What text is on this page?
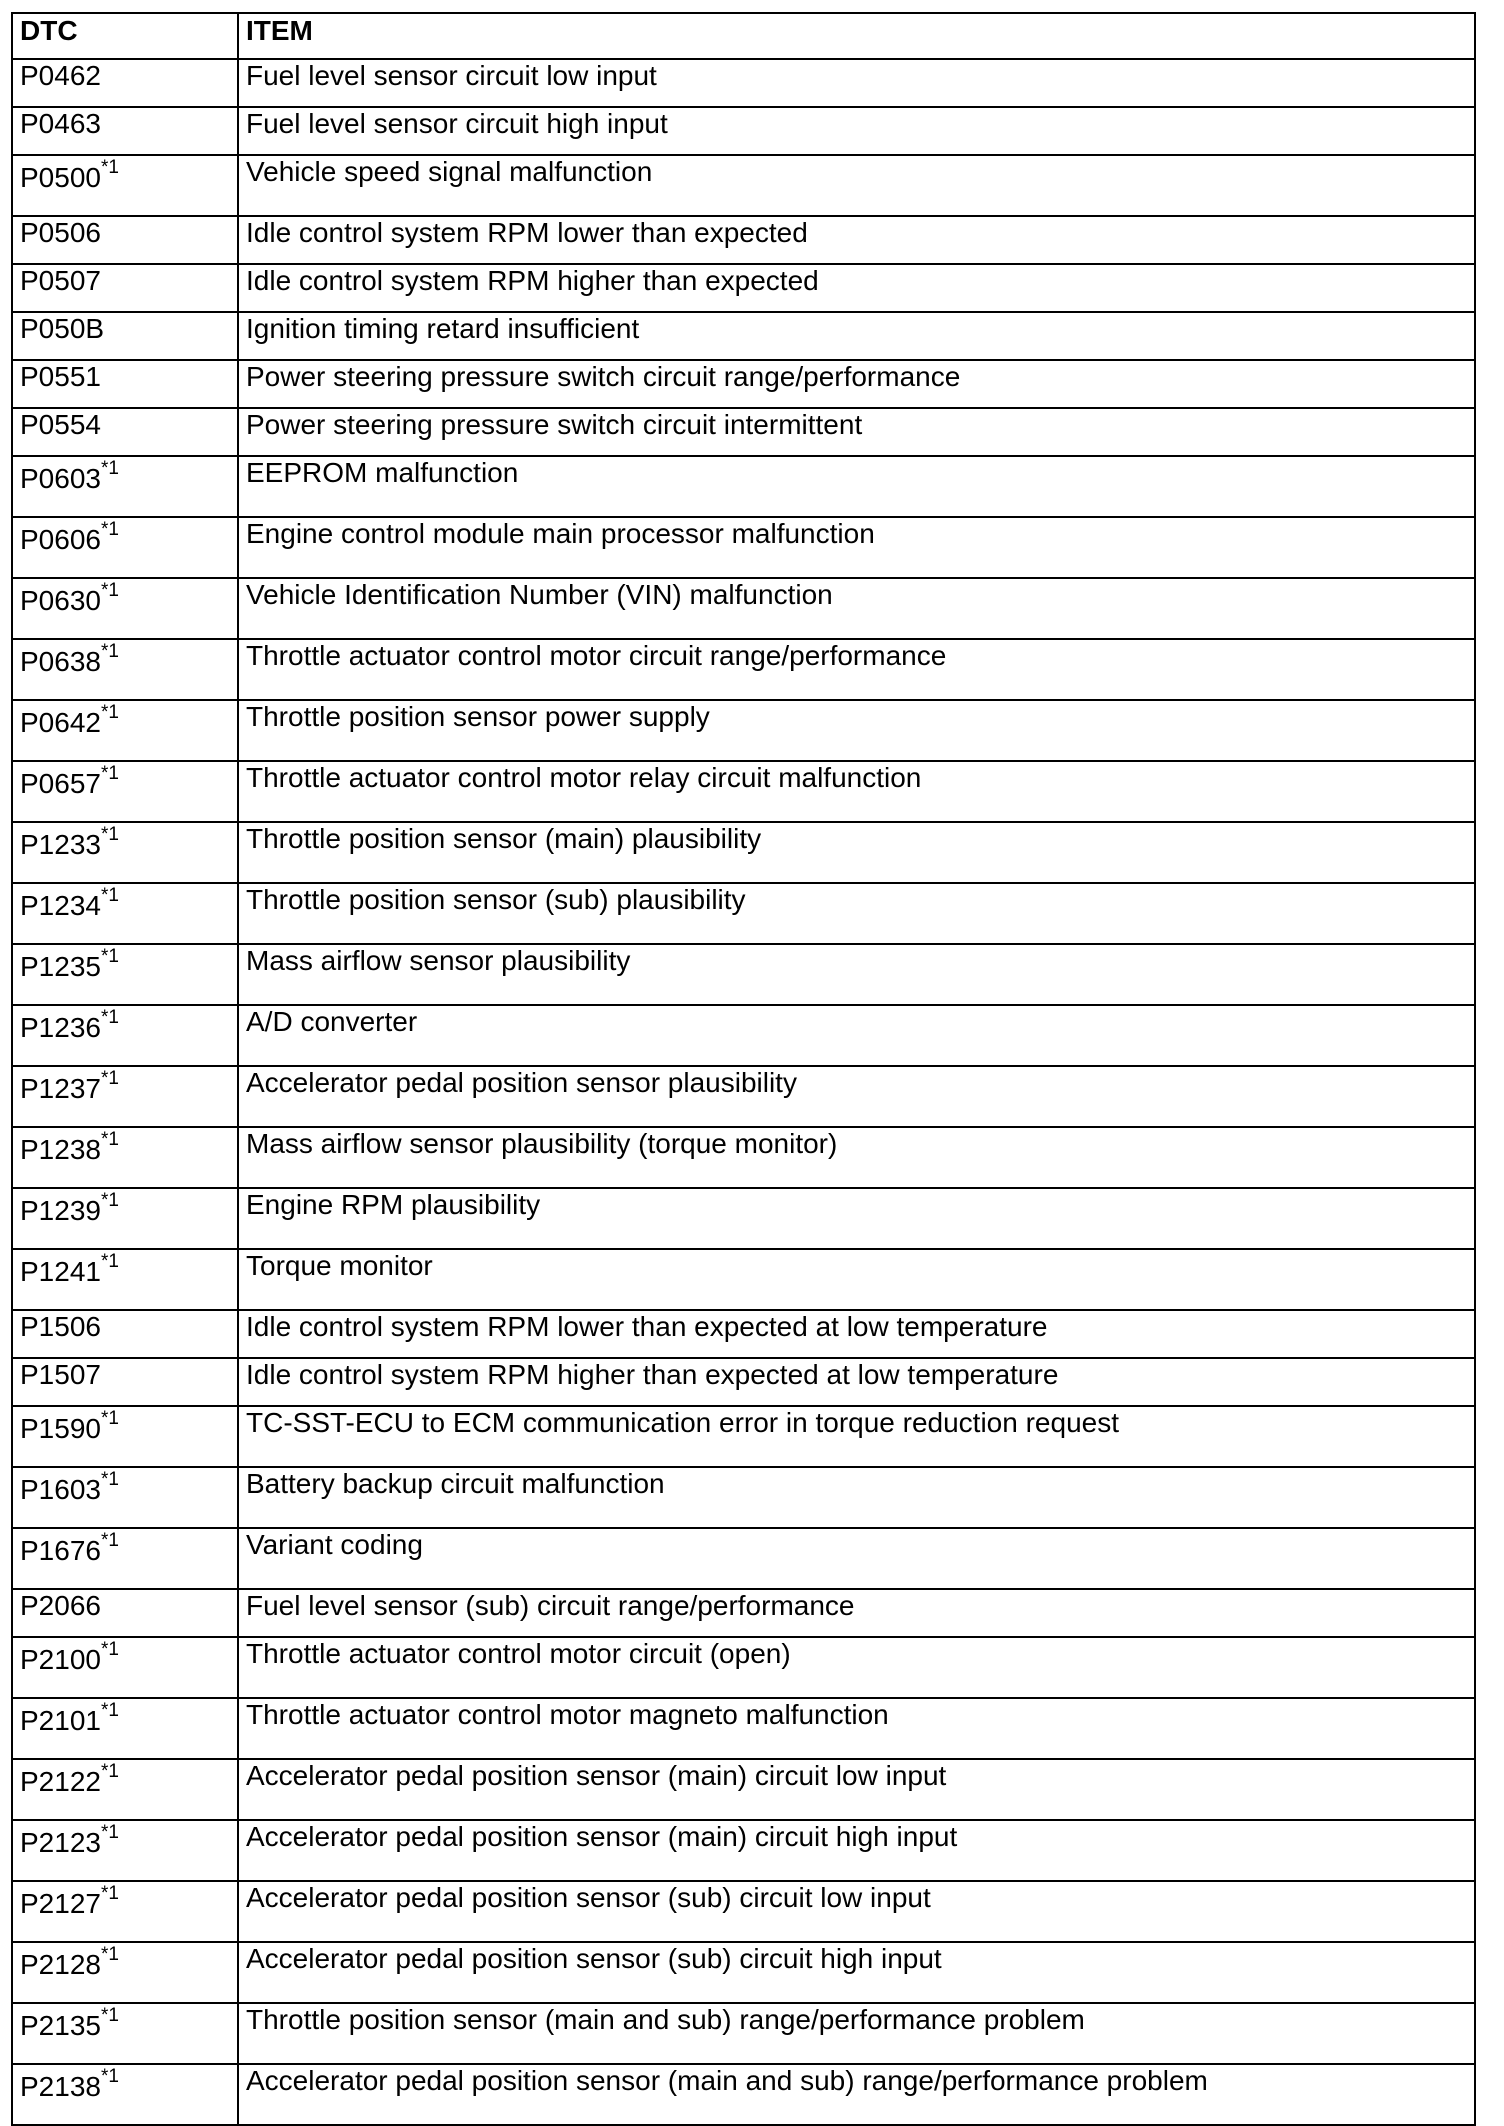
DTC	ITEM
P0462	Fuel level sensor circuit low input
P0463	Fuel level sensor circuit high input
P0500$^{*1}$	Vehicle speed signal malfunction
P0506	Idle control system RPM lower than expected
P0507	Idle control system RPM higher than expected
P050B	Ignition timing retard insufficient
P0551	Power steering pressure switch circuit range/performance
P0554	Power steering pressure switch circuit intermittent
P0603$^{*1}$	EEPROM malfunction
P0606$^{*1}$	Engine control module main processor malfunction
P0630$^{*1}$	Vehicle Identification Number (VIN) malfunction
P0638$^{*1}$	Throttle actuator control motor circuit range/performance
P0642$^{*1}$	Throttle position sensor power supply
P0657$^{*1}$	Throttle actuator control motor relay circuit malfunction
P1233$^{*1}$	Throttle position sensor (main) plausibility
P1234$^{*1}$	Throttle position sensor (sub) plausibility
P1235$^{*1}$	Mass airflow sensor plausibility
P1236$^{*1}$	A/D converter
P1237$^{*1}$	Accelerator pedal position sensor plausibility
P1238$^{*1}$	Mass airflow sensor plausibility (torque monitor)
P1239$^{*1}$	Engine RPM plausibility
P1241$^{*1}$	Torque monitor
P1506	Idle control system RPM lower than expected at low temperature
P1507	Idle control system RPM higher than expected at low temperature
P1590$^{*1}$	TC-SST-ECU to ECM communication error in torque reduction request
P1603$^{*1}$	Battery backup circuit malfunction
P1676$^{*1}$	Variant coding
P2066	Fuel level sensor (sub) circuit range/performance
P2100$^{*1}$	Throttle actuator control motor circuit (open)
P2101$^{*1}$	Throttle actuator control motor magneto malfunction
P2122$^{*1}$	Accelerator pedal position sensor (main) circuit low input
P2123$^{*1}$	Accelerator pedal position sensor (main) circuit high input
P2127$^{*1}$	Accelerator pedal position sensor (sub) circuit low input
P2128$^{*1}$	Accelerator pedal position sensor (sub) circuit high input
P2135$^{*1}$	Throttle position sensor (main and sub) range/performance problem
P2138$^{*1}$	Accelerator pedal position sensor (main and sub) range/performance problem
